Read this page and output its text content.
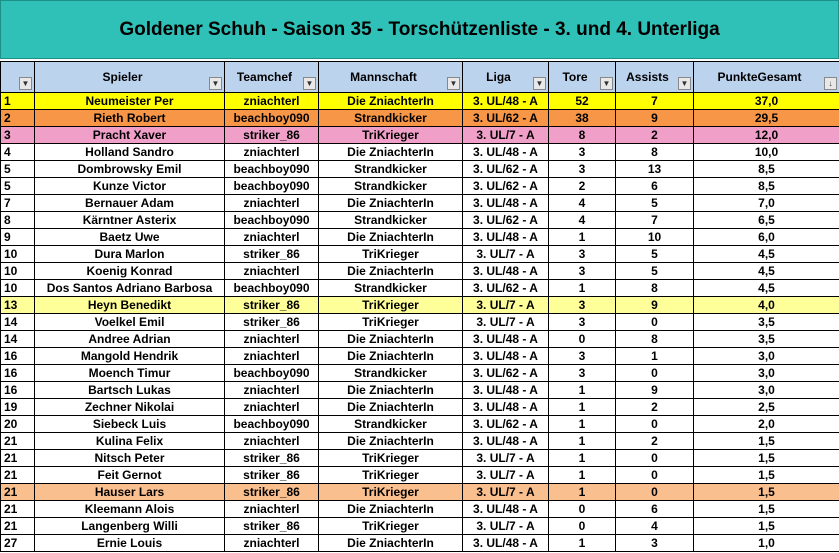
Goldener Schuh - Saison 35 - Torschützenliste - 3. und 4. Unterliga
▼	Spieler ▼	Teamchef ▼	Mannschaft ▼	Liga ▼	Tore ▼	Assists ▼	PunkteGesamt ↓

1	Neumeister Per	zniachterl	Die ZniachterIn	3. UL/48 - A	52	7	37,0
2	Rieth Robert	beachboy090	Strandkicker	3. UL/62 - A	38	9	29,5
3	Pracht Xaver	striker_86	TriKrieger	3. UL/7 - A	8	2	12,0
4	Holland Sandro	zniachterl	Die ZniachterIn	3. UL/48 - A	3	8	10,0
5	Dombrowsky Emil	beachboy090	Strandkicker	3. UL/62 - A	3	13	8,5
5	Kunze Victor	beachboy090	Strandkicker	3. UL/62 - A	2	6	8,5
7	Bernauer Adam	zniachterl	Die ZniachterIn	3. UL/48 - A	4	5	7,0
8	Kärntner Asterix	beachboy090	Strandkicker	3. UL/62 - A	4	7	6,5
9	Baetz Uwe	zniachterl	Die ZniachterIn	3. UL/48 - A	1	10	6,0
10	Dura Marlon	striker_86	TriKrieger	3. UL/7 - A	3	5	4,5
10	Koenig Konrad	zniachterl	Die ZniachterIn	3. UL/48 - A	3	5	4,5
10	Dos Santos Adriano Barbosa	beachboy090	Strandkicker	3. UL/62 - A	1	8	4,5
13	Heyn Benedikt	striker_86	TriKrieger	3. UL/7 - A	3	9	4,0
14	Voelkel Emil	striker_86	TriKrieger	3. UL/7 - A	3	0	3,5
14	Andree Adrian	zniachterl	Die ZniachterIn	3. UL/48 - A	0	8	3,5
16	Mangold Hendrik	zniachterl	Die ZniachterIn	3. UL/48 - A	3	1	3,0
16	Moench Timur	beachboy090	Strandkicker	3. UL/62 - A	3	0	3,0
16	Bartsch Lukas	zniachterl	Die ZniachterIn	3. UL/48 - A	1	9	3,0
19	Zechner Nikolai	zniachterl	Die ZniachterIn	3. UL/48 - A	1	2	2,5
20	Siebeck Luis	beachboy090	Strandkicker	3. UL/62 - A	1	0	2,0
21	Kulina Felix	zniachterl	Die ZniachterIn	3. UL/48 - A	1	2	1,5
21	Nitsch Peter	striker_86	TriKrieger	3. UL/7 - A	1	0	1,5
21	Feit Gernot	striker_86	TriKrieger	3. UL/7 - A	1	0	1,5
21	Hauser Lars	striker_86	TriKrieger	3. UL/7 - A	1	0	1,5
21	Kleemann Alois	zniachterl	Die ZniachterIn	3. UL/48 - A	0	6	1,5
21	Langenberg Willi	striker_86	TriKrieger	3. UL/7 - A	0	4	1,5
27	Ernie Louis	zniachterl	Die ZniachterIn	3. UL/48 - A	1	3	1,0
